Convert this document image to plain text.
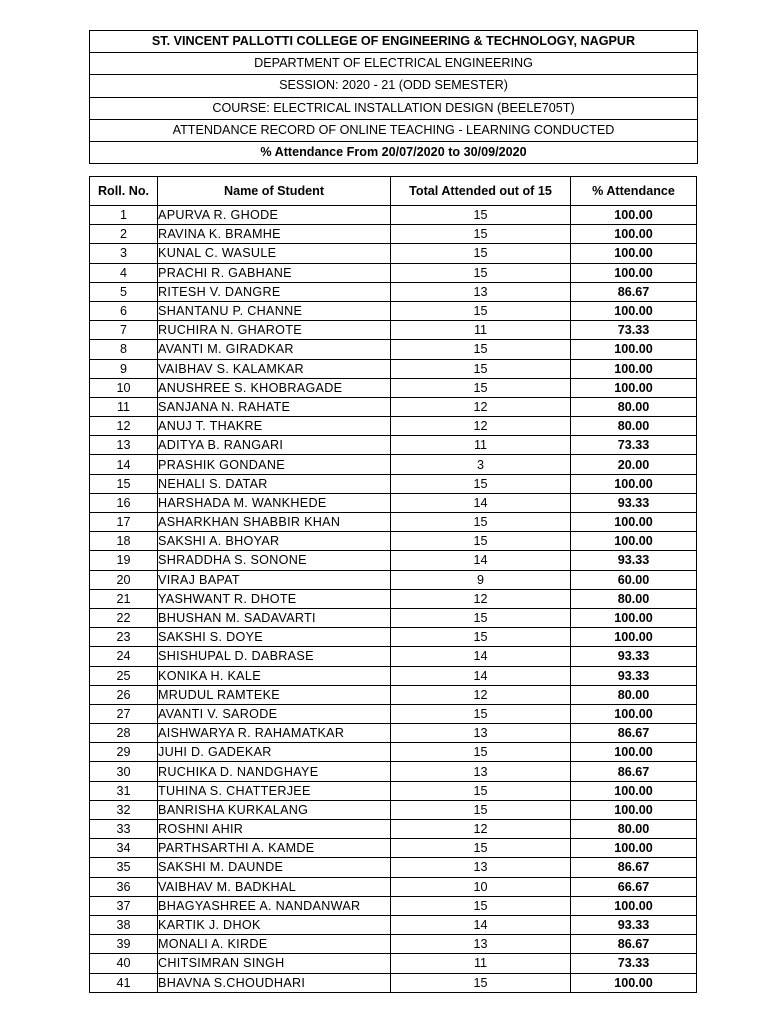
ST. VINCENT PALLOTTI COLLEGE OF ENGINEERING & TECHNOLOGY, NAGPUR
DEPARTMENT OF ELECTRICAL ENGINEERING
SESSION: 2020 - 21 (ODD SEMESTER)
COURSE: ELECTRICAL INSTALLATION DESIGN (BEELE705T)
ATTENDANCE RECORD OF ONLINE TEACHING - LEARNING CONDUCTED
% Attendance From 20/07/2020 to 30/09/2020
Roll. No.	Name of Student	Total Attended out of 15	% Attendance
1	APURVA R. GHODE	15	100.00
2	RAVINA K. BRAMHE	15	100.00
3	KUNAL C. WASULE	15	100.00
4	PRACHI R. GABHANE	15	100.00
5	RITESH V. DANGRE	13	86.67
6	SHANTANU P. CHANNE	15	100.00
7	RUCHIRA N. GHAROTE	11	73.33
8	AVANTI M. GIRADKAR	15	100.00
9	VAIBHAV S. KALAMKAR	15	100.00
10	ANUSHREE S. KHOBRAGADE	15	100.00
11	SANJANA N. RAHATE	12	80.00
12	ANUJ T. THAKRE	12	80.00
13	ADITYA B. RANGARI	11	73.33
14	PRASHIK GONDANE	3	20.00
15	NEHALI S. DATAR	15	100.00
16	HARSHADA M. WANKHEDE	14	93.33
17	ASHARKHAN SHABBIR KHAN	15	100.00
18	SAKSHI A. BHOYAR	15	100.00
19	SHRADDHA S. SONONE	14	93.33
20	VIRAJ BAPAT	9	60.00
21	YASHWANT R. DHOTE	12	80.00
22	BHUSHAN M. SADAVARTI	15	100.00
23	SAKSHI S. DOYE	15	100.00
24	SHISHUPAL D. DABRASE	14	93.33
25	KONIKA H. KALE	14	93.33
26	MRUDUL RAMTEKE	12	80.00
27	AVANTI V. SARODE	15	100.00
28	AISHWARYA R. RAHAMATKAR	13	86.67
29	JUHI D. GADEKAR	15	100.00
30	RUCHIKA D. NANDGHAYE	13	86.67
31	TUHINA S. CHATTERJEE	15	100.00
32	BANRISHA KURKALANG	15	100.00
33	ROSHNI AHIR	12	80.00
34	PARTHSARTHI A. KAMDE	15	100.00
35	SAKSHI M. DAUNDE	13	86.67
36	VAIBHAV M. BADKHAL	10	66.67
37	BHAGYASHREE A. NANDANWAR	15	100.00
38	KARTIK J. DHOK	14	93.33
39	MONALI A. KIRDE	13	86.67
40	CHITSIMRAN SINGH	11	73.33
41	BHAVNA S.CHOUDHARI	15	100.00
